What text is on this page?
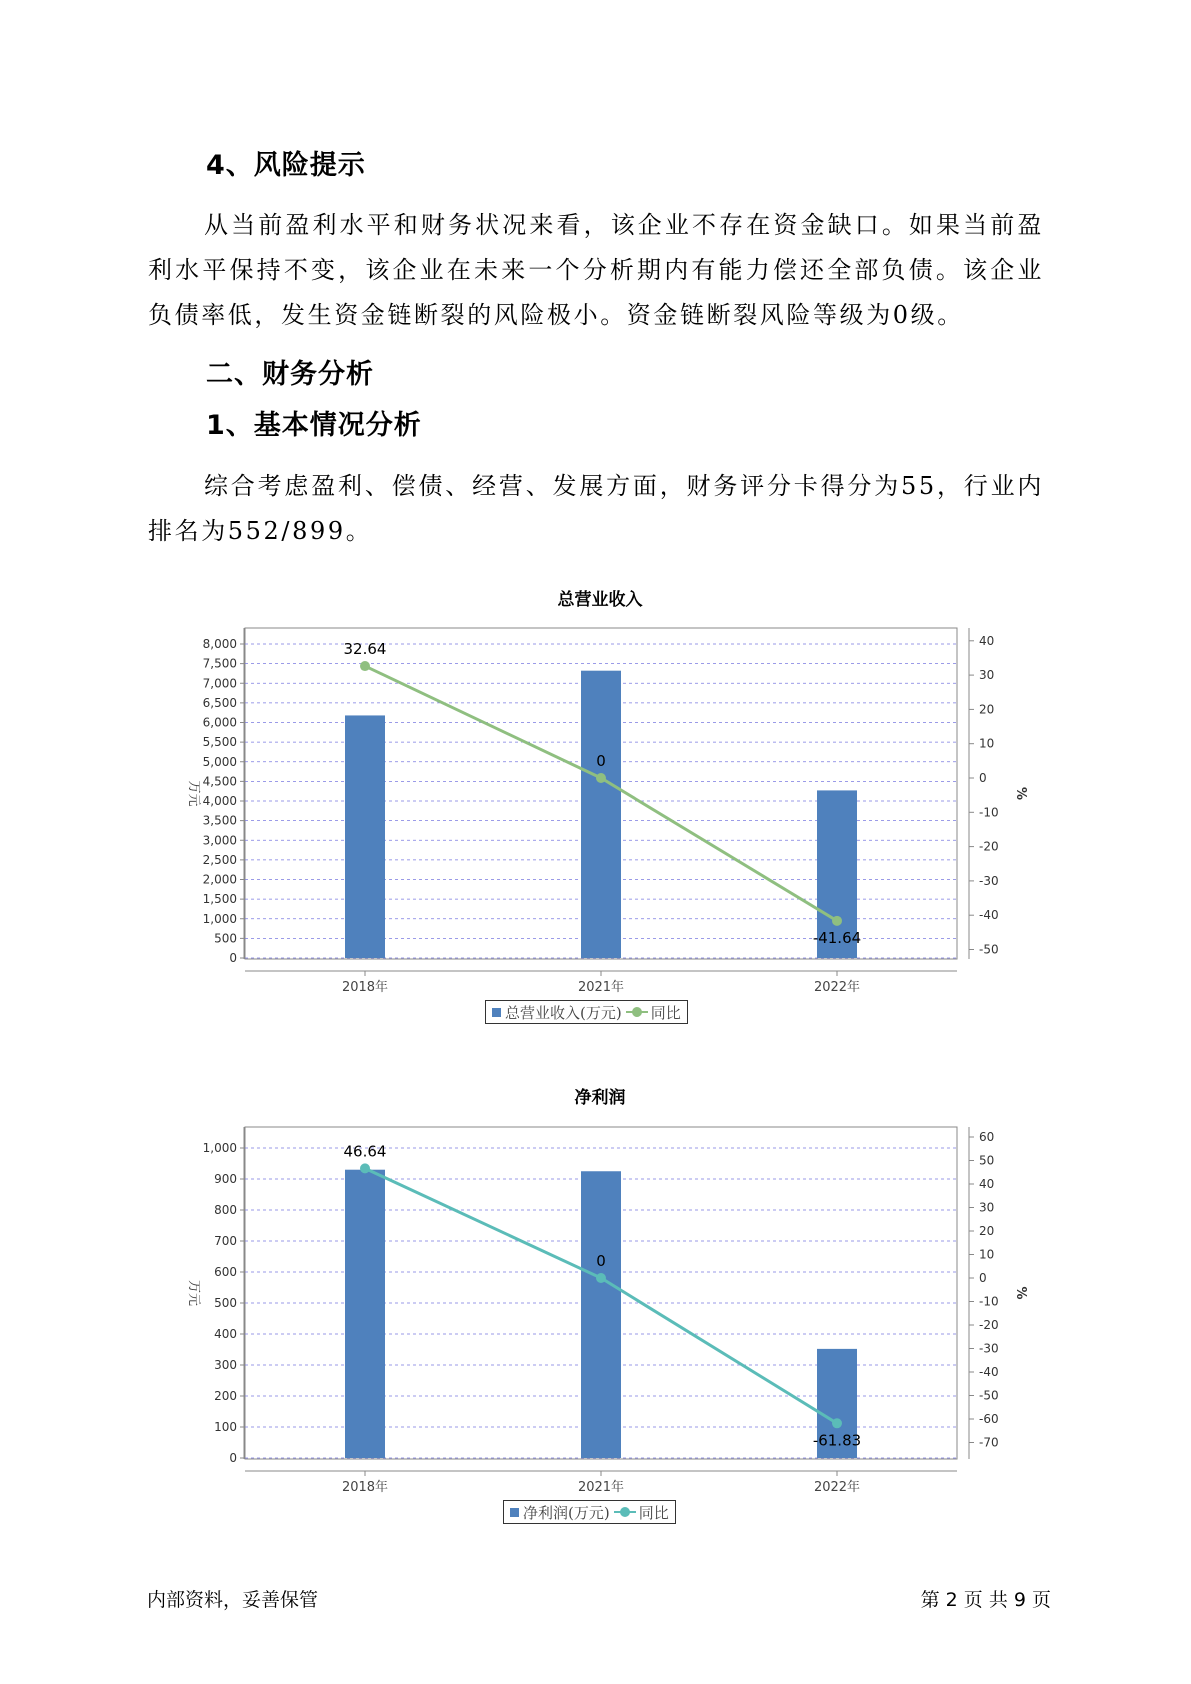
4、风险提示

从当前盈利水平和财务状况来看，该企业不存在资金缺口。如果当前盈利水平保持不变，该企业在未来一个分析期内有能力偿还全部负债。该企业负债率低，发生资金链断裂的风险极小。资金链断裂风险等级为0级。

二、财务分析
1、基本情况分析

综合考虑盈利、偿债、经营、发展方面，财务评分卡得分为55，行业内排名为552/899。

总营业收入
0
500
1,000
1,500
2,000
2,500
3,000
3,500
4,000
4,500
5,000
5,500
6,000
6,500
7,000
7,500
8,000	40
30
20
10
0
-10
-20
-30
-40
-50
万元	%
2018年	2021年	2022年
32.64
0
-41.64
总营业收入(万元) 同比
净利润
0
100
200
300
400
500
600
700
800
900
1,000
60
50
40
30
20
10
0
-10
-20
-30
-40
-50
-60
-70
万元	%
2018年	2021年	2022年
46.64
0
-61.83
净利润(万元) 同比

内部资料，妥善保管	第 2 页 共 9 页
